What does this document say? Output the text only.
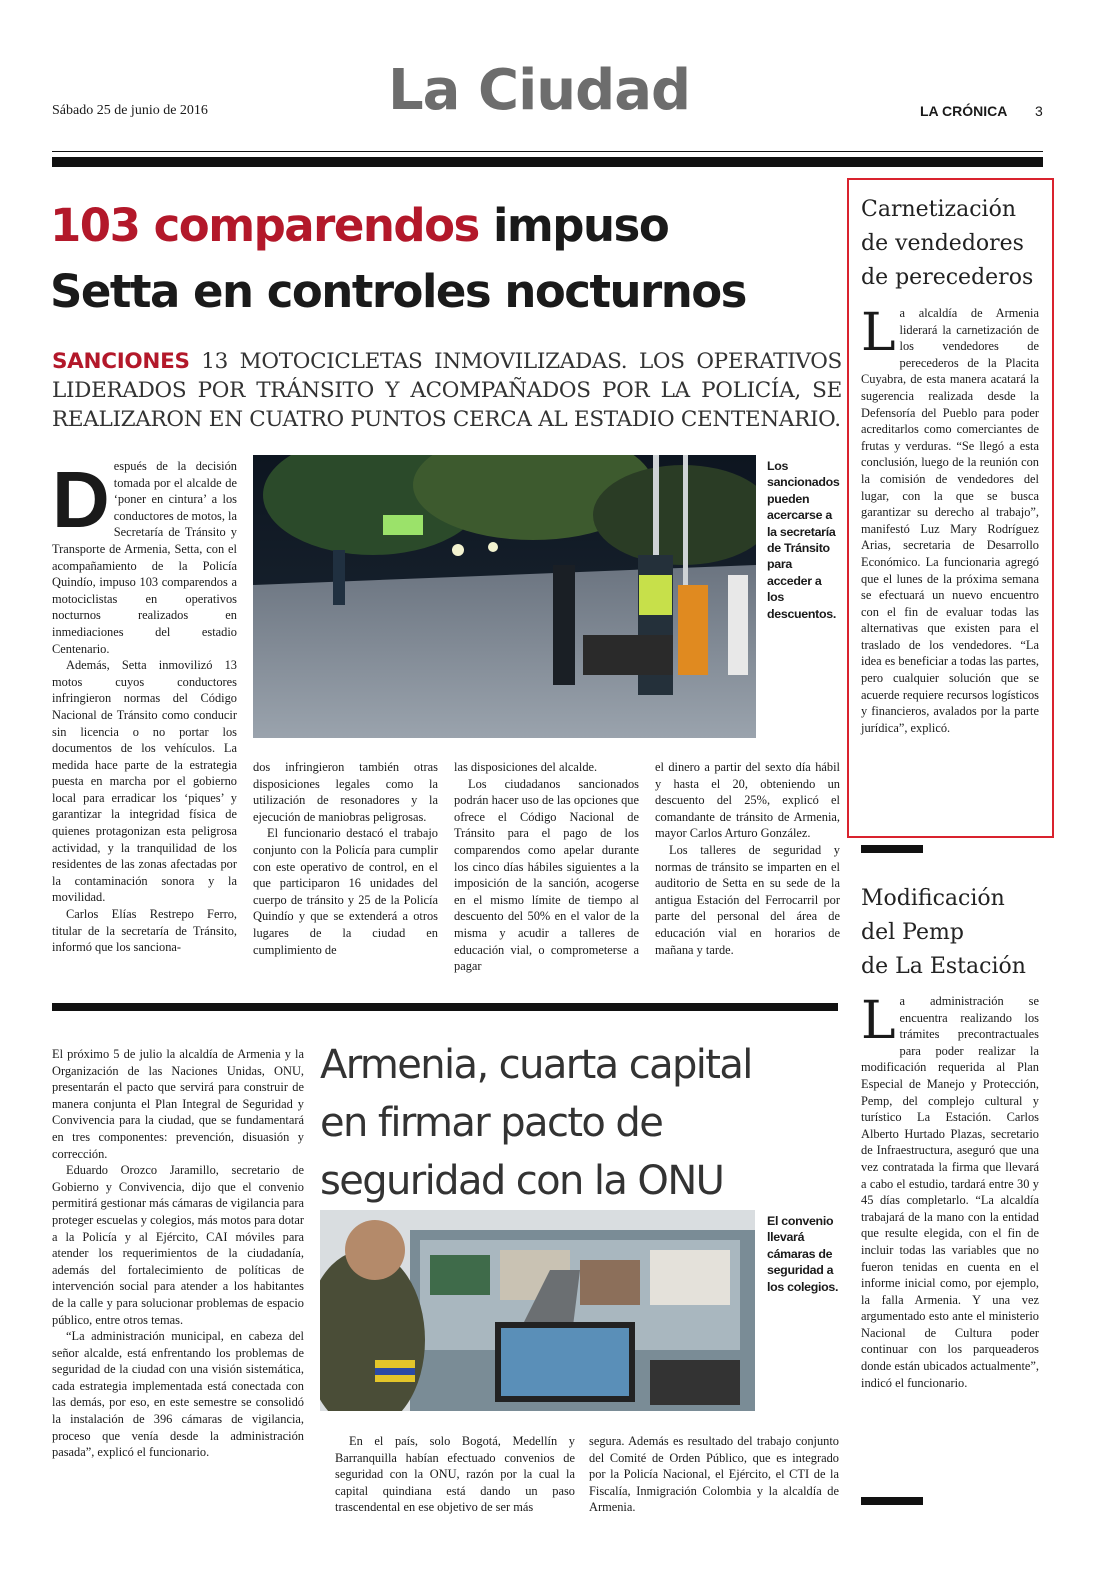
Sábado 25 de junio de 2016	La Ciudad	LA CRÓNICA 3
103 comparendos impuso
Setta en controles nocturnos
SANCIONES 13 MOTOCICLETAS INMOVILIZADAS. LOS OPERATIVOS LIDERADOS POR TRÁNSITO Y ACOMPAÑADOS POR LA POLICÍA, SE REALIZARON EN CUATRO PUNTOS CERCA AL ESTADIO CENTENARIO.

D espués de la decisión tomada por el alcalde de ‘poner en cintura’ a los conductores de motos, la Secretaría de Tránsito y Transporte de Armenia, Setta, con el acompañamiento de la Policía Quindío, impuso 103 comparendos a motociclistas en operativos nocturnos realizados en inmediaciones del estadio Centenario.

Además, Setta inmovilizó 13 motos cuyos conductores infringieron normas del Código Nacional de Tránsito como conducir sin licencia o no portar los documentos de los vehículos. La medida hace parte de la estrategia puesta en marcha por el gobierno local para erradicar los ‘piques’ y garantizar la integridad física de quienes protagonizan esta peligrosa actividad, y la tranquilidad de los residentes de las zonas afectadas por la contaminación sonora y la movilidad.

Carlos Elías Restrepo Ferro, titular de la secretaría de Tránsito, informó que los sanciona-

Los sancionados pueden acercarse a la secretaría de Tránsito para acceder a los descuentos.

dos infringieron también otras disposiciones legales como la utilización de resonadores y la ejecución de maniobras peligrosas.

El funcionario destacó el trabajo conjunto con la Policía para cumplir con este operativo de control, en el que participaron 16 unidades del cuerpo de tránsito y 25 de la Policía Quindío y que se extenderá a otros lugares de la ciudad en cumplimiento de

las disposiciones del alcalde.

Los ciudadanos sancionados podrán hacer uso de las opciones que ofrece el Código Nacional de Tránsito para el pago de los comparendos como apelar durante los cinco días hábiles siguientes a la imposición de la sanción, acogerse en el mismo límite de tiempo al descuento del 50% en el valor de la misma y acudir a talleres de educación vial, o comprometerse a pagar

el dinero a partir del sexto día hábil y hasta el 20, obteniendo un descuento del 25%, explicó el comandante de tránsito de Armenia, mayor Carlos Arturo González.

Los talleres de seguridad y normas de tránsito se imparten en el auditorio de Setta en su sede de la antigua Estación del Ferrocarril por parte del personal del área de educación vial en horarios de mañana y tarde.

Carnetización
de vendedores
de perecederos

L a alcaldía de Armenia liderará la carnetización de los vendedores de perecederos de la Placita Cuyabra, de esta manera acatará la sugerencia realizada desde la Defensoría del Pueblo para poder acreditarlos como comerciantes de frutas y verduras. “Se llegó a esta conclusión, luego de la reunión con la comisión de vendedores del lugar, con la que se busca garantizar su derecho al trabajo”, manifestó Luz Mary Rodríguez Arias, secretaria de Desarrollo Económico. La funcionaria agregó que el lunes de la próxima semana se efectuará un nuevo encuentro con el fin de evaluar todas las alternativas que existen para el traslado de los vendedores. “La idea es beneficiar a todas las partes, pero cualquier solución que se acuerde requiere recursos logísticos y financieros, avalados por la parte jurídica”, explicó.

Modificación
del Pemp
de La Estación

L a administración se encuentra realizando los trámites precontractuales para poder realizar la modificación requerida al Plan Especial de Manejo y Protección, Pemp, del complejo cultural y turístico La Estación. Carlos Alberto Hurtado Plazas, secretario de Infraestructura, aseguró que una vez contratada la firma que llevará a cabo el estudio, tardará entre 30 y 45 días completarlo. “La alcaldía trabajará de la mano con la entidad que resulte elegida, con el fin de incluir todas las variables que no fueron tenidas en cuenta en el informe inicial como, por ejemplo, la falla Armenia. Y una vez argumentado esto ante el ministerio Nacional de Cultura poder continuar con los parqueaderos donde están ubicados actualmente”, indicó el funcionario.

El próximo 5 de julio la alcaldía de Armenia y la Organización de las Naciones Unidas, ONU, presentarán el pacto que servirá para construir de manera conjunta el Plan Integral de Seguridad y Convivencia para la ciudad, que se fundamentará en tres componentes: prevención, disuasión y corrección.

Eduardo Orozco Jaramillo, secretario de Gobierno y Convivencia, dijo que el convenio permitirá gestionar más cámaras de vigilancia para proteger escuelas y colegios, más motos para dotar a la Policía y al Ejército, CAI móviles para atender los requerimientos de la ciudadanía, además del fortalecimiento de políticas de intervención social para atender a los habitantes de la calle y para solucionar problemas de espacio público, entre otros temas.

“La administración municipal, en cabeza del señor alcalde, está enfrentando los problemas de seguridad de la ciudad con una visión sistemática, cada estrategia implementada está conectada con las demás, por eso, en este semestre se consolidó la instalación de 396 cámaras de vigilancia, proceso que venía desde la administración pasada”, explicó el funcionario.

Armenia, cuarta capital
en firmar pacto de
seguridad con la ONU
El convenio llevará cámaras de seguridad a los colegios.

En el país, solo Bogotá, Medellín y Barranquilla habían efectuado convenios de seguridad con la ONU, razón por la cual la capital quindiana está dando un paso trascendental en ese objetivo de ser más

segura. Además es resultado del trabajo conjunto del Comité de Orden Público, que es integrado por la Policía Nacional, el Ejército, el CTI de la Fiscalía, Inmigración Colombia y la alcaldía de Armenia.
